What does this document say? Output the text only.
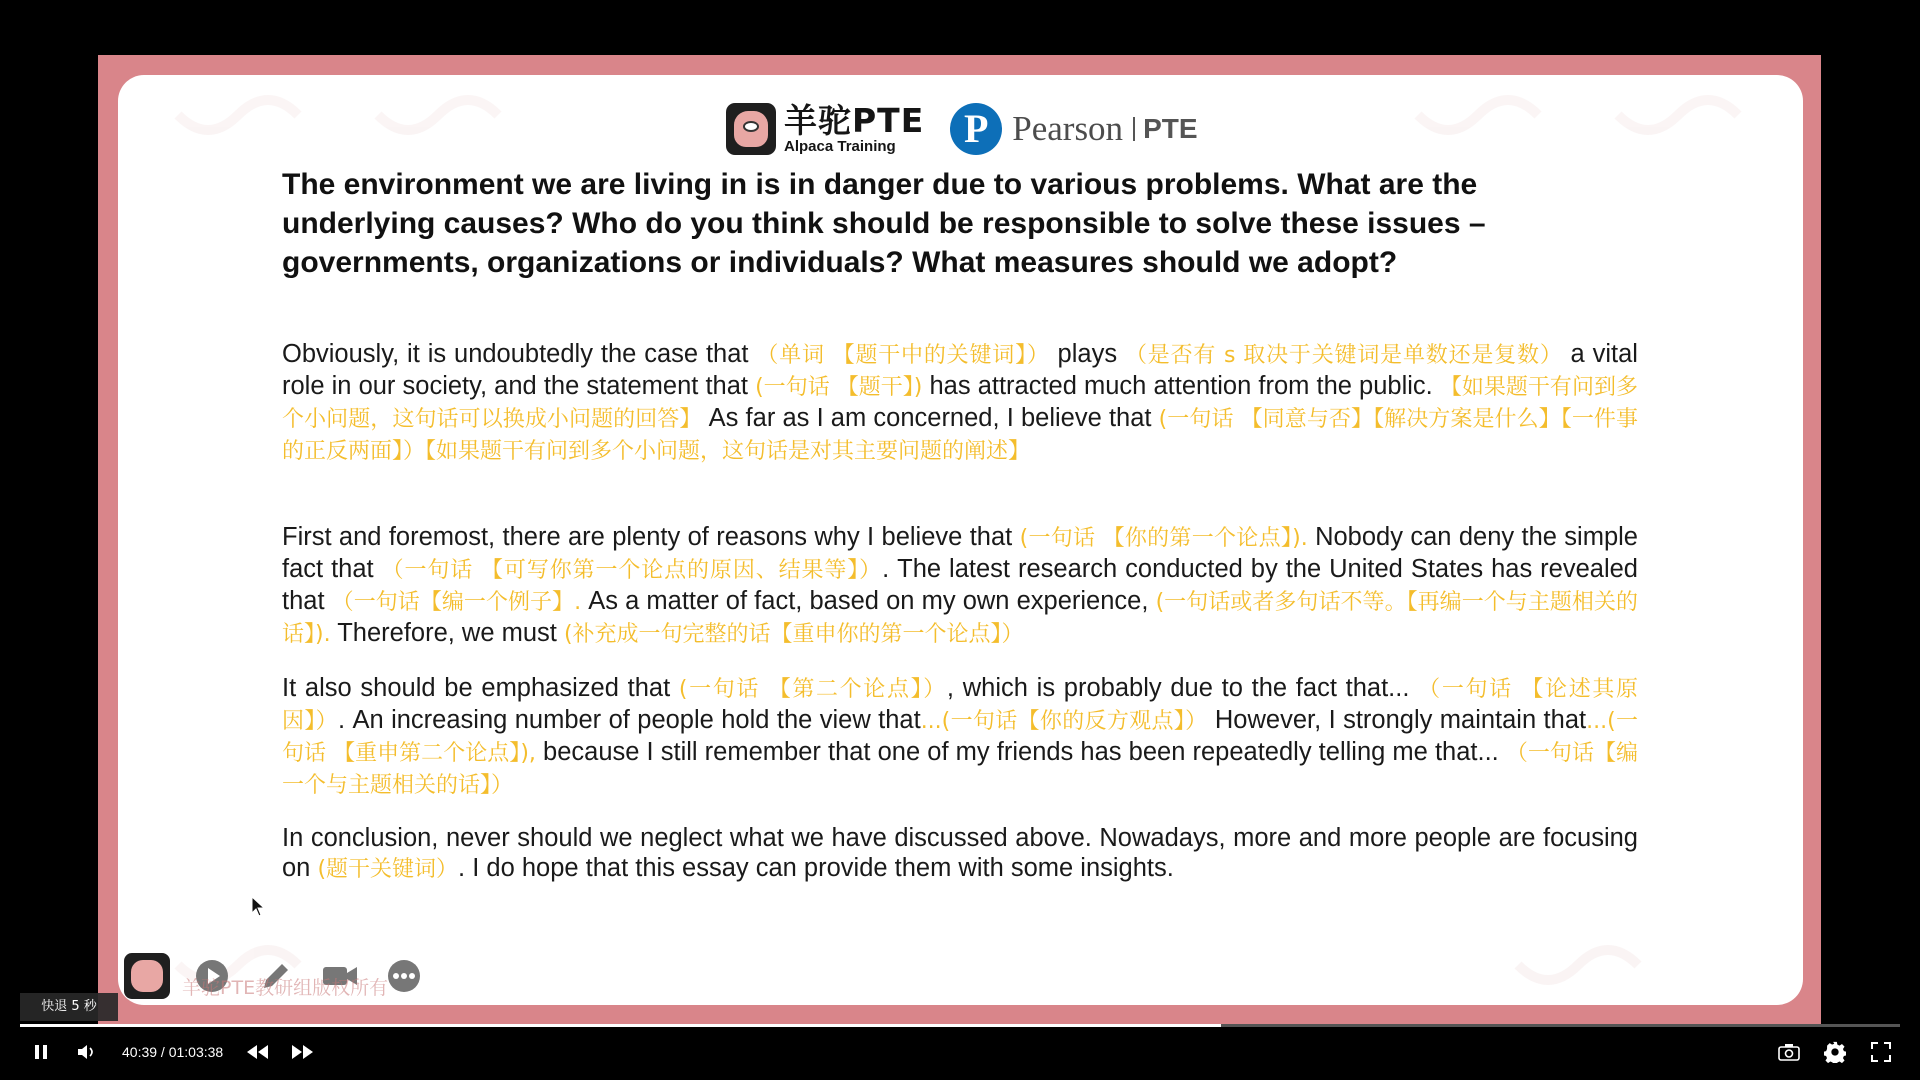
羊驼PTE
Alpaca Training	P Pearson PTE
The environment we are living in is in danger due to various problems. What are the underlying causes? Who do you think should be responsible to solve these issues – governments, organizations or individuals? What measures should we adopt?
Obviously, it is undoubtedly the case that （单词 【题干中的关键词】） plays （是否有 s 取决于关键词是单数还是复数） a vital role in our society, and the statement that (一句话 【题干】) has attracted much attention from the public. 【如果题干有问到多个小问题，这句话可以换成小问题的回答】 As far as I am concerned, I believe that (一句话 【同意与否】【解决方案是什么】【一件事的正反两面】）【如果题干有问到多个小问题，这句话是对其主要问题的阐述】
First and foremost, there are plenty of reasons why I believe that (一句话 【你的第一个论点】). Nobody can deny the simple fact that （一句话 【可写你第一个论点的原因、结果等】）. The latest research conducted by the United States has revealed that （一句话【编一个例子】. As a matter of fact, based on my own experience, (一句话或者多句话不等。【再编一个与主题相关的话】). Therefore, we must (补充成一句完整的话【重申你的第一个论点】）
It also should be emphasized that (一句话 【第二个论点】）, which is probably due to the fact that... （一句话 【论述其原因】）. An increasing number of people hold the view that...(一句话【你的反方观点】） However, I strongly maintain that...(一句话 【重申第二个论点】), because I still remember that one of my friends has been repeatedly telling me that... （一句话【编一个与主题相关的话】）
In conclusion, never should we neglect what we have discussed above. Nowadays, more and more people are focusing on (题干关键词）. I do hope that this essay can provide them with some insights.
羊驼PTE教研组版权所有
快退 5 秒
40:39 / 01:03:38
